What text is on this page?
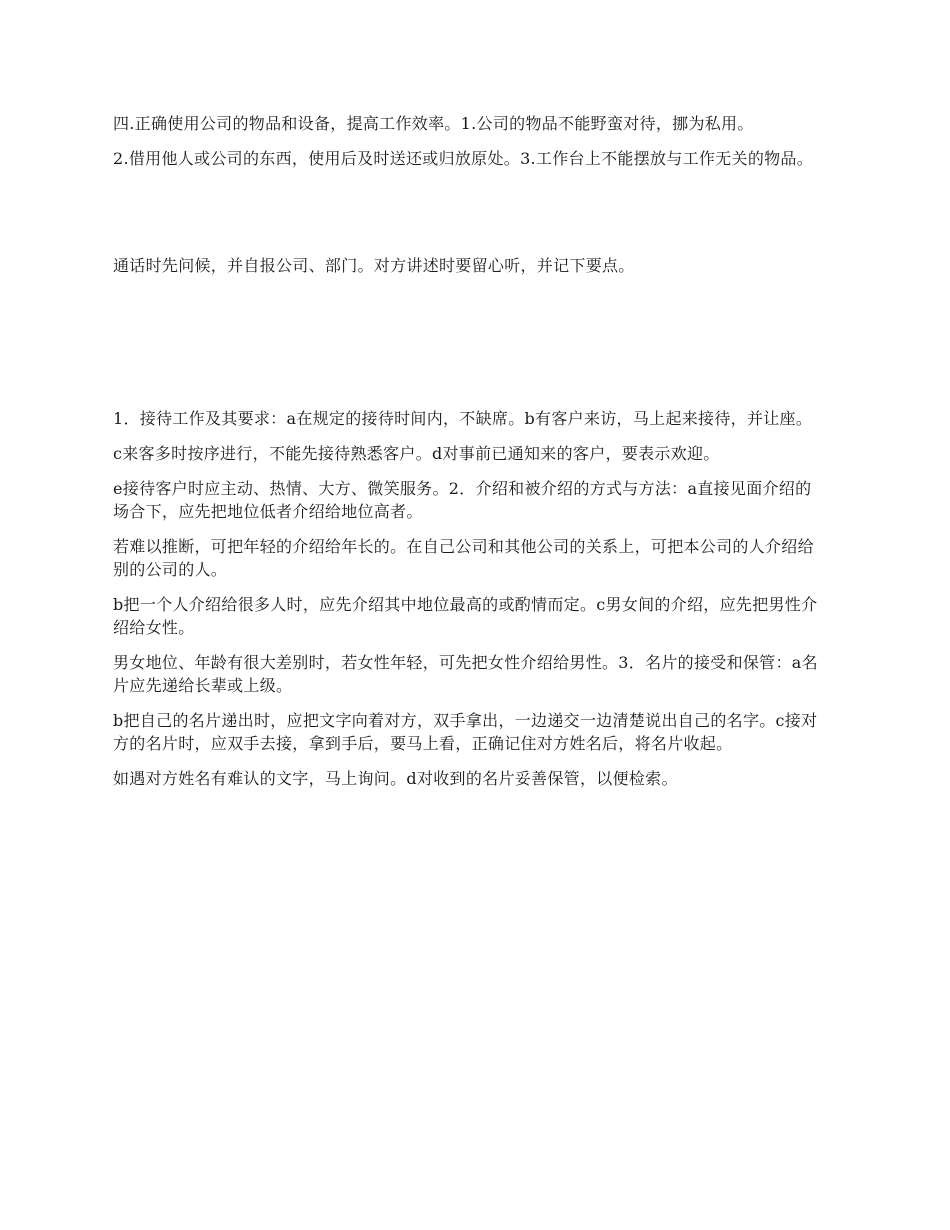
四.正确使用公司的物品和设备，提高工作效率。1.公司的物品不能野蛮对待，挪为私用。

2.借用他人或公司的东西，使用后及时送还或归放原处。3.工作台上不能摆放与工作无关的物品。

通话时先问候，并自报公司、部门。对方讲述时要留心听，并记下要点。

1．接待工作及其要求：a在规定的接待时间内，不缺席。b有客户来访，马上起来接待，并让座。

c来客多时按序进行，不能先接待熟悉客户。d对事前已通知来的客户，要表示欢迎。

e接待客户时应主动、热情、大方、微笑服务。2．介绍和被介绍的方式与方法：a直接见面介绍的场合下，应先把地位低者介绍给地位高者。

若难以推断，可把年轻的介绍给年长的。在自己公司和其他公司的关系上，可把本公司的人介绍给别的公司的人。

b把一个人介绍给很多人时，应先介绍其中地位最高的或酌情而定。c男女间的介绍，应先把男性介绍给女性。

男女地位、年龄有很大差别时，若女性年轻，可先把女性介绍给男性。3．名片的接受和保管：a名片应先递给长辈或上级。

b把自己的名片递出时，应把文字向着对方，双手拿出，一边递交一边清楚说出自己的名字。c接对方的名片时，应双手去接，拿到手后，要马上看，正确记住对方姓名后，将名片收起。

如遇对方姓名有难认的文字，马上询问。d对收到的名片妥善保管，以便检索。
